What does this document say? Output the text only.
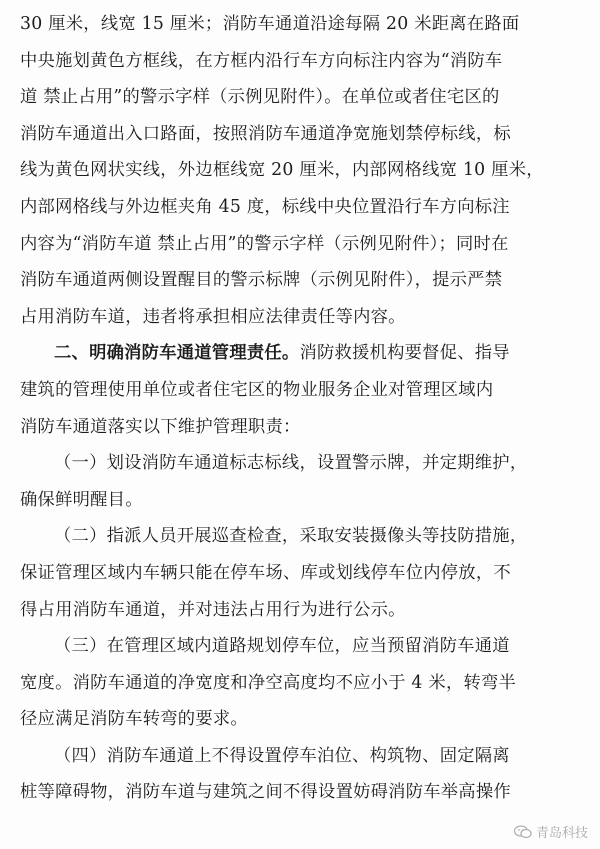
30 厘米，线宽 15 厘米；消防车通道沿途每隔 20 米距离在路面
中央施划黄色方框线，在方框内沿行车方向标注内容为“消防车
道 禁止占用”的警示字样（示例见附件）。在单位或者住宅区的
消防车通道出入口路面，按照消防车通道净宽施划禁停标线，标
线为黄色网状实线，外边框线宽 20 厘米，内部网格线宽 10 厘米，
内部网格线与外边框夹角 45 度，标线中央位置沿行车方向标注
内容为“消防车道 禁止占用”的警示字样（示例见附件）；同时在
消防车通道两侧设置醒目的警示标牌（示例见附件），提示严禁
占用消防车道，违者将承担相应法律责任等内容。
二、明确消防车通道管理责任。消防救援机构要督促、指导
建筑的管理使用单位或者住宅区的物业服务企业对管理区域内
消防车通道落实以下维护管理职责：
（一）划设消防车通道标志标线，设置警示牌，并定期维护，
确保鲜明醒目。
（二）指派人员开展巡查检查，采取安装摄像头等技防措施，
保证管理区域内车辆只能在停车场、库或划线停车位内停放，不
得占用消防车通道，并对违法占用行为进行公示。
（三）在管理区域内道路规划停车位，应当预留消防车通道
宽度。消防车通道的净宽度和净空高度均不应小于 4 米，转弯半
径应满足消防车转弯的要求。
（四）消防车通道上不得设置停车泊位、构筑物、固定隔离
桩等障碍物，消防车道与建筑之间不得设置妨碍消防车举高操作
青岛科技
